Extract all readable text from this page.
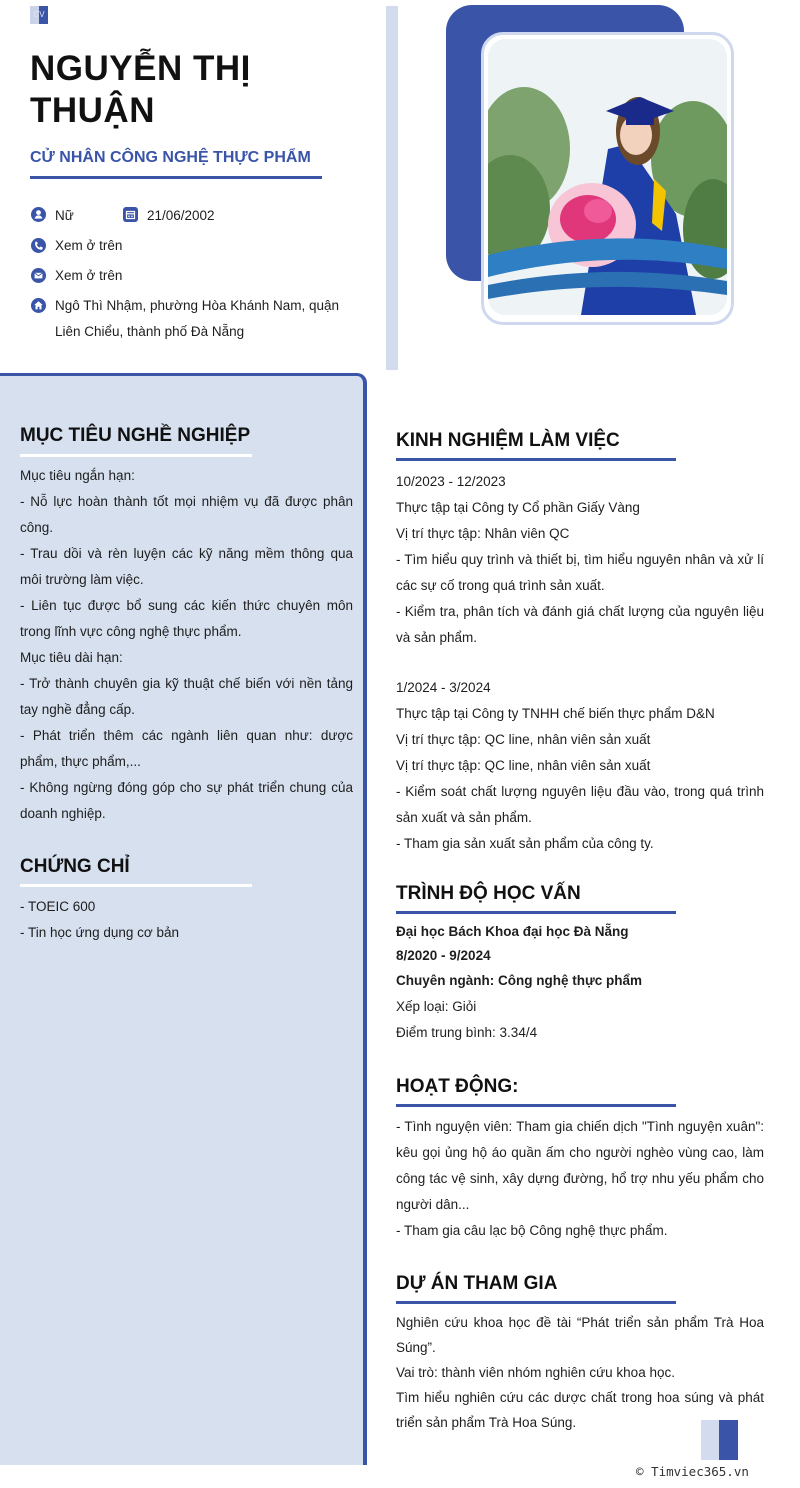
CV
NGUYỄN THỊ THUẬN
CỬ NHÂN CÔNG NGHỆ THỰC PHẨM
Nữ	21/06/2002
Xem ở trên
Xem ở trên
Ngô Thì Nhậm, phường Hòa Khánh Nam, quận
Liên Chiểu, thành phố Đà Nẵng
MỤC TIÊU NGHỀ NGHIỆP
Mục tiêu ngắn hạn:
- Nỗ lực hoàn thành tốt mọi nhiệm vụ đã được phân công.
- Trau dồi và rèn luyện các kỹ năng mềm thông qua môi trường làm việc.
- Liên tục được bổ sung các kiến thức chuyên môn trong lĩnh vực công nghệ thực phẩm.
Mục tiêu dài hạn:
- Trở thành chuyên gia kỹ thuật chế biến với nền tảng tay nghề đẳng cấp.
- Phát triển thêm các ngành liên quan như: dược phẩm, thực phẩm,...
- Không ngừng đóng góp cho sự phát triển chung của doanh nghiệp.
CHỨNG CHỈ
- TOEIC 600
- Tin học ứng dụng cơ bản
KINH NGHIỆM LÀM VIỆC
10/2023 - 12/2023
Thực tập tại Công ty Cổ phần Giấy Vàng
Vị trí thực tập: Nhân viên QC
- Tìm hiểu quy trình và thiết bị, tìm hiểu nguyên nhân và xử lí các sự cố trong quá trình sản xuất.
- Kiểm tra, phân tích và đánh giá chất lượng của nguyên liệu và sản phẩm.
1/2024 - 3/2024
Thực tập tại Công ty TNHH chế biến thực phẩm D&N
Vị trí thực tập: QC line, nhân viên sản xuất
Vị trí thực tập: QC line, nhân viên sản xuất
- Kiểm soát chất lượng nguyên liệu đầu vào, trong quá trình sản xuất và sản phẩm.
- Tham gia sản xuất sản phẩm của công ty.
TRÌNH ĐỘ HỌC VẤN
Đại học Bách Khoa đại học Đà Nẵng
8/2020 - 9/2024
Chuyên ngành: Công nghệ thực phẩm
Xếp loại: Giỏi
Điểm trung bình: 3.34/4
HOẠT ĐỘNG:
- Tình nguyện viên: Tham gia chiến dịch "Tình nguyện xuân": kêu gọi ủng hộ áo quần ấm cho người nghèo vùng cao, làm công tác vệ sinh, xây dựng đường, hổ trợ nhu yếu phẩm cho người dân...
- Tham gia câu lạc bộ Công nghệ thực phẩm.
DỰ ÁN THAM GIA
Nghiên cứu khoa học đề tài “Phát triển sản phẩm Trà Hoa Súng”.
Vai trò: thành viên nhóm nghiên cứu khoa học.
Tìm hiểu nghiên cứu các dược chất trong hoa súng và phát triển sản phẩm Trà Hoa Súng.
© Timviec365.vn
